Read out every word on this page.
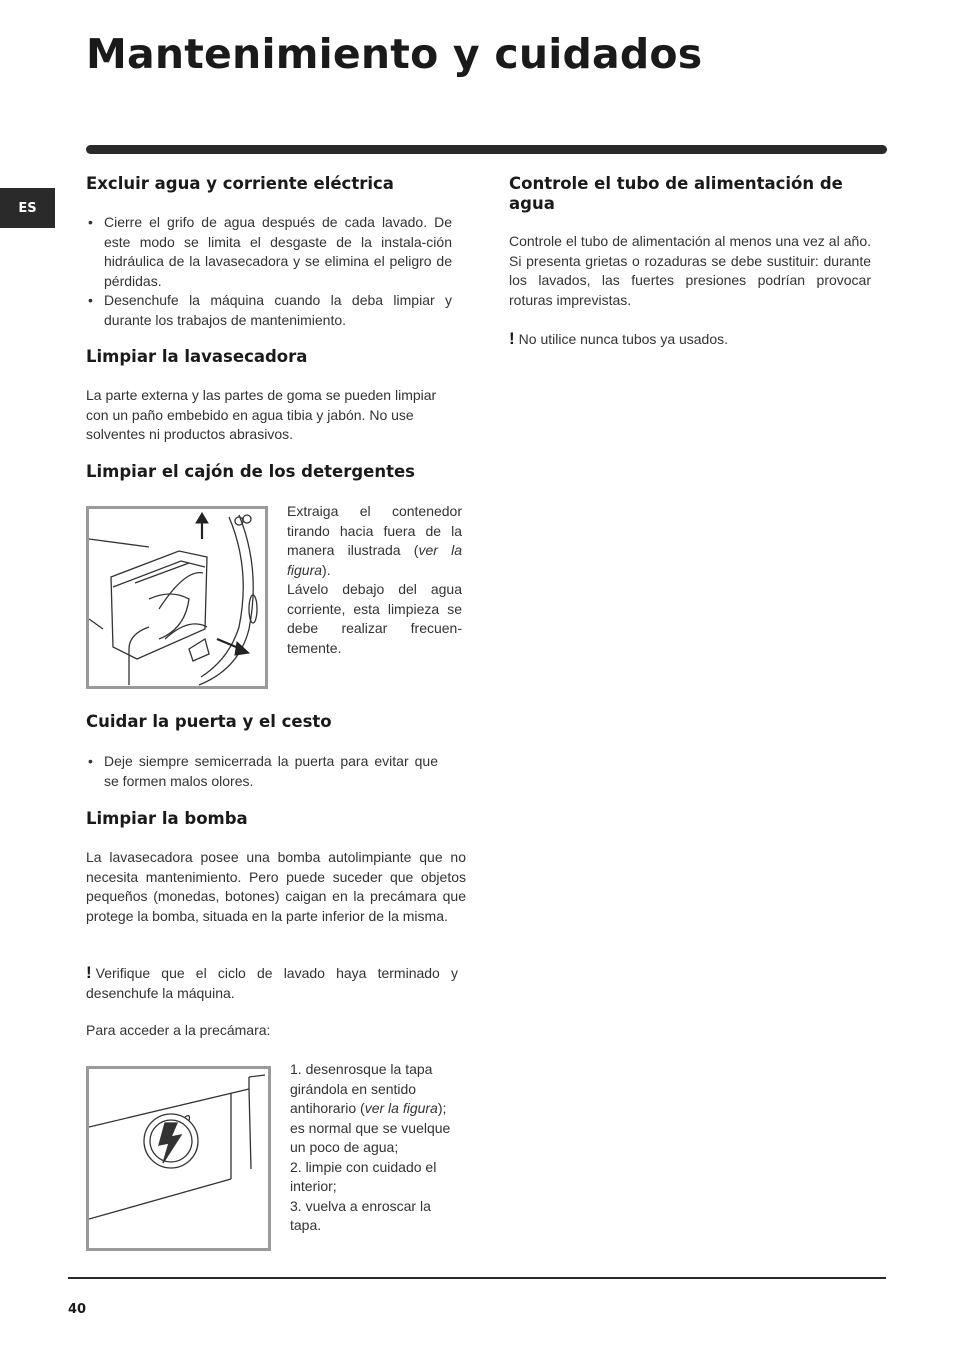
Mantenimiento y cuidados
ES
Excluir agua y corriente eléctrica
• Cierre el grifo de agua después de cada lavado. De este modo se limita el desgaste de la instala-ción hidráulica de la lavasecadora y se elimina el peligro de pérdidas.
• Desenchufe la máquina cuando la deba limpiar y durante los trabajos de mantenimiento.
Limpiar la lavasecadora

La parte externa y las partes de goma se pueden limpiar con un paño embebido en agua tibia y jabón. No use solventes ni productos abrasivos.

Limpiar el cajón de los detergentes
Extraiga el contenedor tirando hacia fuera de la manera ilustrada (ver la figura).
Lávelo debajo del agua corriente, esta limpieza se debe realizar frecuen-temente.
Cuidar la puerta y el cesto
• Deje siempre semicerrada la puerta para evitar que se formen malos olores.
Limpiar la bomba

La lavasecadora posee una bomba autolimpiante que no necesita mantenimiento. Pero puede suceder que objetos pequeños (monedas, botones) caigan en la precámara que protege la bomba, situada en la parte inferior de la misma.

! Verifique que el ciclo de lavado haya terminado y desenchufe la máquina.

Para acceder a la precámara:

1. desenrosque la tapa girándola en sentido antihorario (ver la figura); es normal que se vuelque un poco de agua;
2. limpie con cuidado el interior;
3. vuelva a enroscar la tapa.
Controle el tubo de alimentación de agua

Controle el tubo de alimentación al menos una vez al año. Si presenta grietas o rozaduras se debe sustituir: durante los lavados, las fuertes presiones podrían provocar roturas imprevistas.

! No utilice nunca tubos ya usados.

40
